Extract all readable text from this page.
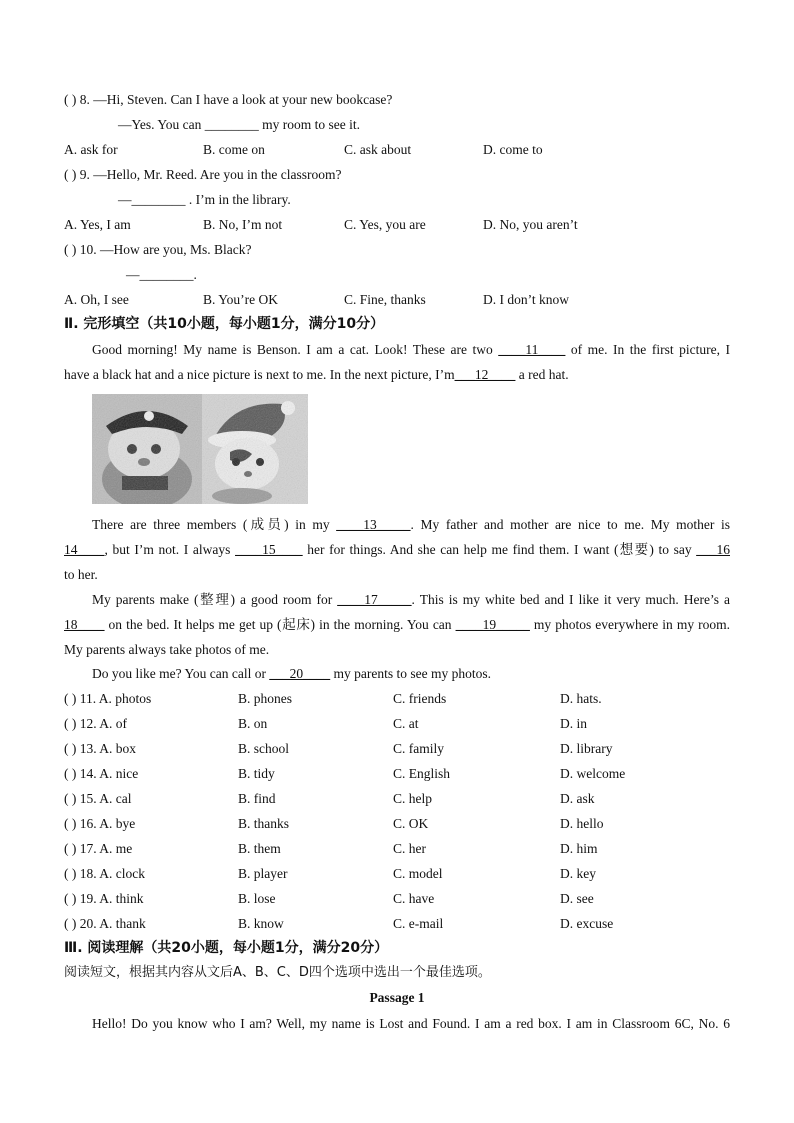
( ) 8. —Hi, Steven. Can I have a look at your new bookcase?
—Yes. You can ________ my room to see it.
A. ask for	B. come on	C. ask about	D. come to
( ) 9. —Hello, Mr. Reed. Are you in the classroom?
—________ . I’m in the library.
A. Yes, I am	B. No, I’m not	C. Yes, you are	D. No, you aren’t
( ) 10. —How are you, Ms. Black?
—________.
A. Oh, I see	B. You’re OK	C. Fine, thanks	D. I don’t know
Ⅱ. 完形填空（共10小题，每小题1分，满分10分）
Good morning! My name is Benson. I am a cat. Look! These are two ____11____ of me. In the first picture, I
have a black hat and a nice picture is next to me. In the next picture, I’m___12____ a red hat.
There are three members (成员) in my ____13_____. My father and mother are nice to me. My mother is
14____, but I’m not. I always ____15____ her for things. And she can help me find them. I want (想要) to say ___16
to her.
My parents make (整理) a good room for ____17_____. This is my white bed and I like it very much. Here’s a
18____ on the bed. It helps me get up (起床) in the morning. You can ____19_____ my photos everywhere in my room.
My parents always take photos of me.
Do you like me? You can call or ___20____ my parents to see my photos.
( ) 11. A. photos	B. phones	C. friends	D. hats.
( ) 12. A. of	B. on	C. at	D. in
( ) 13. A. box	B. school	C. family	D. library
( ) 14. A. nice	B. tidy	C. English	D. welcome
( ) 15. A. cal	B. find	C. help	D. ask
( ) 16. A. bye	B. thanks	C. OK	D. hello
( ) 17. A. me	B. them	C. her	D. him
( ) 18. A. clock	B. player	C. model	D. key
( ) 19. A. think	B. lose	C. have	D. see
( ) 20. A. thank	B. know	C. e-mail	D. excuse
Ⅲ. 阅读理解（共20小题，每小题1分，满分20分）
阅读短文，根据其内容从文后A、B、C、D四个选项中选出一个最佳选项。
Passage 1
Hello! Do you know who I am? Well, my name is Lost and Found. I am a red box. I am in Classroom 6C, No. 6
